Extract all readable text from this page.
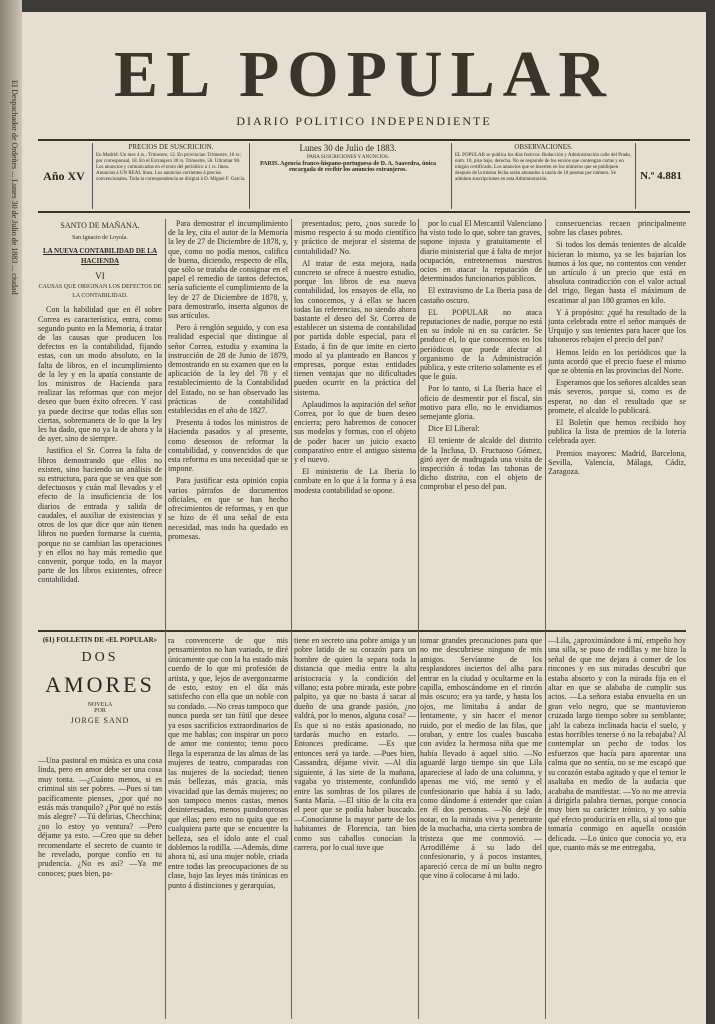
El Despachador de Ordeñes ... Lunes 30 de Julio de 1883 ... ciudad
EL POPULAR
DIARIO POLITICO INDEPENDIENTE
Año XV
PRECIOS DE SUSCRICION.
En Madrid: Un mes 4 rs.; Trimestre, 12. En provincias: Trimestre, 16 rs.; por corresponsal, 18. En el Extranjero 30 rs. Trimestre, 56. Ultramar 90. Los anuncios y comunicados en el texto del periódico á 1 rs. línea. Anuncios á UN REAL línea. Los anuncios corrientes á precios convencionales. Toda la correspondencia se dirigirá á D. Miguel F. García.
Lunes 30 de Julio de 1883.
PARA SUSCRICIONES Y ANUNCIOS.
PARIS. Agencia franco-hispano-portuguesa de D. A. Saavedra, única encargada de recibir los anuncios extranjeros.
OBSERVACIONES.
EL POPULAR se publica los días festivos. Redacción y Administración calle del Prado, núm. 10, piso bajo, derecha. No se responde de los envíos que contengan cartas y en ningún certificado. Los anuncios que se inserten en los números que se publiquen después de la misma fecha serán abonados á razón de 10 pesetas por número. Se admiten suscripciones en esta Administración.	N.º 4.881
SANTO DE MAÑANA.
San Ignacio de Loyola.
LA NUEVA CONTABILIDAD DE LA HACIENDA
VI
CAUSAS QUE ORIGINAN LOS DEFECTOS DE LA CONTABILIDAD.

Con la habilidad que en él sobre Correa es característica, entra, como segundo punto en la Memoria, á tratar de las causas que producen los defectos en la contabilidad, fijando estas, con un modo absoluto, en la falta de libros, en el incumplimiento de la ley y en la apatía constante de los ministros de Hacienda para realizar las reformas que con mejor deseo que buen éxito ofrecen. Y casi ya puede decirse que todas ellas son ciertas, sobremanera de lo que la ley les ha dado, que no ya la de ahora y la de ayer, sino de siempre.

Justifica el Sr. Correa la falta de libros demostrando que ellos no existen, sino haciendo un análisis de su estructura, para que se vea que son defectuosos y cuán mal llevados y el efecto de la insuficiencia de los diarios de entrada y salida de caudales, el auxiliar de existencias y otros de los que dice que aún tienen libros no pueden formarse la cuenta, porque no se cambian las operaciones y en ellos no hay más remedio que convenir, porque todo, en la mayor parte de los libros existentes, ofrece contabilidad.

Para demostrar el incumplimiento de la ley, cita el autor de la Memoria la ley de 27 de Diciembre de 1878, y, que, como no podía menos, califica de buena, diciendo, respecto de ella, que sólo se trataba de consignar en el papel el remedio de tantos defectos, sería suficiente el cumplimiento de la ley de 27 de Diciembre de 1878, y, para demostrarlo, inserta algunos de sus artículos.

Pero á renglón seguido, y con esa realidad especial que distingue al señor Correa, estudia y examina la instrucción de 28 de Junio de 1879, demostrando en su examen que en la aplicación de la ley del 78 y el restablecimiento de la Contabilidad del Estado, no se han observado las prácticas de contabilidad establecidas en el año de 1827.

Presenta á todos los ministros de Hacienda pasados y al presente, como deseosos de reformar la contabilidad, y convencidos de que esta reforma es una necesidad que se impone.

Para justificar esta opinión copia varios párrafos de documentos oficiales, en que se han hecho ofrecimientos de reformas, y en que se hizo de él una señal de esta necesidad, mas todo ha quedado en promesas.

presentados; pero, ¿nos sucede lo mismo respecto á su modo científico y práctico de mejorar el sistema de contabilidad? No.

Al tratar de esta mejora, nada concreto se ofrece á nuestro estudio, porque los libros de esa nueva contabilidad, los ensayos de ella, no los conocemos, y á ellas se hacen todas las referencias, no siendo ahora bastante el deseo del Sr. Correa de establecer un sistema de contabilidad por partida doble especial, para el Estado, á fin de que imite en cierto modo al ya planteado en Bancos y empresas, porque estas entidades tienen ventajas que no dificultades pueden ocurrir en la práctica del sistema.

Aplaudimos la aspiración del señor Correa, por lo que de buen deseo encierra; pero habremos de conocer sus modelos y formas, con el objeto de poder hacer un juicio exacto comparativo entre el antiguo sistema y el nuevo.

El ministerio de La Iberia lo combate en lo que á la forma y á esa modesta contabilidad se opone.

por lo cual El Mercantil Valenciano ha visto todo lo que, sobre tan graves, supone injusta y gratuitamente el diario ministerial que á falta de mejor ocupación, entretenemos nuestros ocios en atacar la reputación de determinados funcionarios públicos.

El extravismo de La Iberia pasa de castaño oscuro.

EL POPULAR no ataca reputaciones de nadie, porque no está en su índole ni en su carácter. Se produce el, lo que conocemos en los periódicos que puede afectar al organismo de la Administración pública, y este criterio solamente es el que le guía.

Por lo tanto, si La Iberia hace el oficio de desmentir por el fiscal, sin motivo para ello, no le envidiamos semejante gloria.

Dice El Liberal:

El teniente de alcalde del distrito de la Inclusa, D. Fructuoso Gómez, giró ayer de madrugada una visita de inspección á todas las tahonas de dicho distrito, con el objeto de comprobar el peso del pan.

consecuencias recaen principalmente sobre las clases pobres.

Si todos los demás tenientes de alcalde hicieran lo mismo, ya se les bajarían los humos á los que, no contentos con vender un artículo á un precio que está en absoluta contradicción con el valor actual del trigo, llegan hasta el máximum de escatimar al pan 180 gramos en kilo.

Y á propósito: ¿qué ha resultado de la junta celebrada entre el señor marqués de Urquijo y sus tenientes para hacer que los tahoneros rebajen el precio del pan?

Hemos leído en los periódicos que la junta acordó que el precio fuese el mismo que se obtenía en las provincias del Norte.

Esperamos que los señores alcaldes sean más severos, porque si, como es de esperar, no dan el resultado que se promete, el alcalde lo publicará.

El Boletín que hemos recibido hoy publica la lista de premios de la lotería celebrada ayer.

Premios mayores: Madrid, Barcelona, Sevilla, Valencia, Málaga, Cádiz, Zaragoza.

(61) FOLLETIN DE «EL POPULAR»
DOS
AMORES
NOVELA
POR
JORGE SAND
—Una pastoral en música es una cosa linda, pero en amor debe ser una cosa muy tonta. —¿Cuánto menos, si es criminal sin ser pobres. —Pues sí tan pacíficamente pienses, ¿por qué no estás más tranquilo? ¿Por qué no estás más alegre? —Tú delirias, Checchina; ¿no lo estoy yo ventura? —Pero déjame ya esto. —Creo que su deber recomendarte el secreto de cuanto te he revelado, porque confío en tu prudencia. ¿No es así? —Ya me conoces; pues bien, pa-
ra convencerte de que mis pensamientos no han variado, te diré únicamente que con la ha estado más cuerdo de lo que mi profesión de artista, y que, lejos de avergonzarme de esto, estoy en el día más satisfecho con ella que un noble con su condado. —No creas tampoco que nunca pueda ser tan fútil que desee ya esos sacrificios extraordinarios de que me hablas; con inspirar un poco de amor me contento; temo poco llega la esperanza de las almas de las mujeres de teatro, comparadas con las mujeres de la sociedad; tienen más bellezas, más gracia, más vivacidad que las demás mujeres; no son tampoco menos castas, menos desinteresadas, menos pundonorosas que ellas; pero esto no quita que en cualquiera parte que se encuentre la belleza, sea el ídolo ante el cual doblemos la rodilla. —Además, dime ahora tú, así una mujer noble, criada entre todas las preocupaciones de su clase, bajo las leyes más tiránicas en punto á distinciones y gerarquías,
tiene en secreto una pobre amiga y un pobre latido de su corazón para un hombre de quien la separa toda la distancia que media entre la alta aristocracia y la condición del villano; esta pobre mirada, este pobre palpito, ya que no basta á sacar al dueño de una grande pasión, ¿no valdrá, por lo menos, alguna cosa? —Es que si no estás apasionado, no tardarás mucho en estarlo. —Entonces predícame. —Es que entonces será ya tarde. —Pues bien, Cassandra, déjame vivir. —Al día siguiente, á las siete de la mañana, vagaba yo tristemente, confundido entre las sombras de los pilares de Santa María. —El sitio de la cita era el peor que se podía haber buscado. —Conocíanme la mayor parte de los habitantes de Florencia, tan bien como sus caballos conocían la carrera, por lo cual tuve que
tomar grandes precauciones para que no me descubriese ninguno de mis amigos. Servíanme de los resplandores inciertos del alba para entrar en la ciudad y ocultarme en la capilla, emboscándome en el rincón más oscuro; era ya tarde, y hasta los ojos, me limitaba á andar de lentamente, y sin hacer el menor ruido, por el medio de las filas, que oraban, y entre los cuales buscaba con avidez la hermosa niña que me había llevado á aquel sitio. —No aguardé largo tiempo sin que Lila apareciese al lado de una columna, y apenas me vió, me sentó y el confesionario que había á su lado, como dándome á entender que caían en él dos personas. —No dejé de notar, en la mirada viva y penetrante de la muchacha, una cierta sombra de tristeza que me conmovió. —Arrodilléme á su lado del confesionario, y á pocos instantes, apareció cerca de mí un bulto negro que vino á colocarse á mi lado.
—Lila, ¿aproximándote á mí, empeño hoy una silla, se puso de rodillas y me hizo la señal de que me dejara á comer de los rincones y en sus miradas descubrí que estaba absorto y con la mirada fija en el altar en que se alababa de cumplir sus actos. —La señora estaba envuelta en un gran velo negro, que se mantuvieron cruzado largo tiempo sobre su semblante; ¡ah! la cabeza inclinada hacia el suelo, y estas horribles tenerse ó no la rebajaba? Al contemplar un pecho de todos los esfuerzos que hacía para aparentar una calma que no sentía, no se me escapó que su corazón estaba agitado y que el temor le asaltaba en medio de la audacia que acababa de manifestar. —Yo no me atrevía á dirigirla palabra tiernas, porque conocía muy bien su carácter irónico, y yo sabía qué efecto produciría en ella, si al tono que tomaría conmigo en aquella ocasión delicada. —Lo único que conocía yo, era que, cuanto más se me entregaba,
